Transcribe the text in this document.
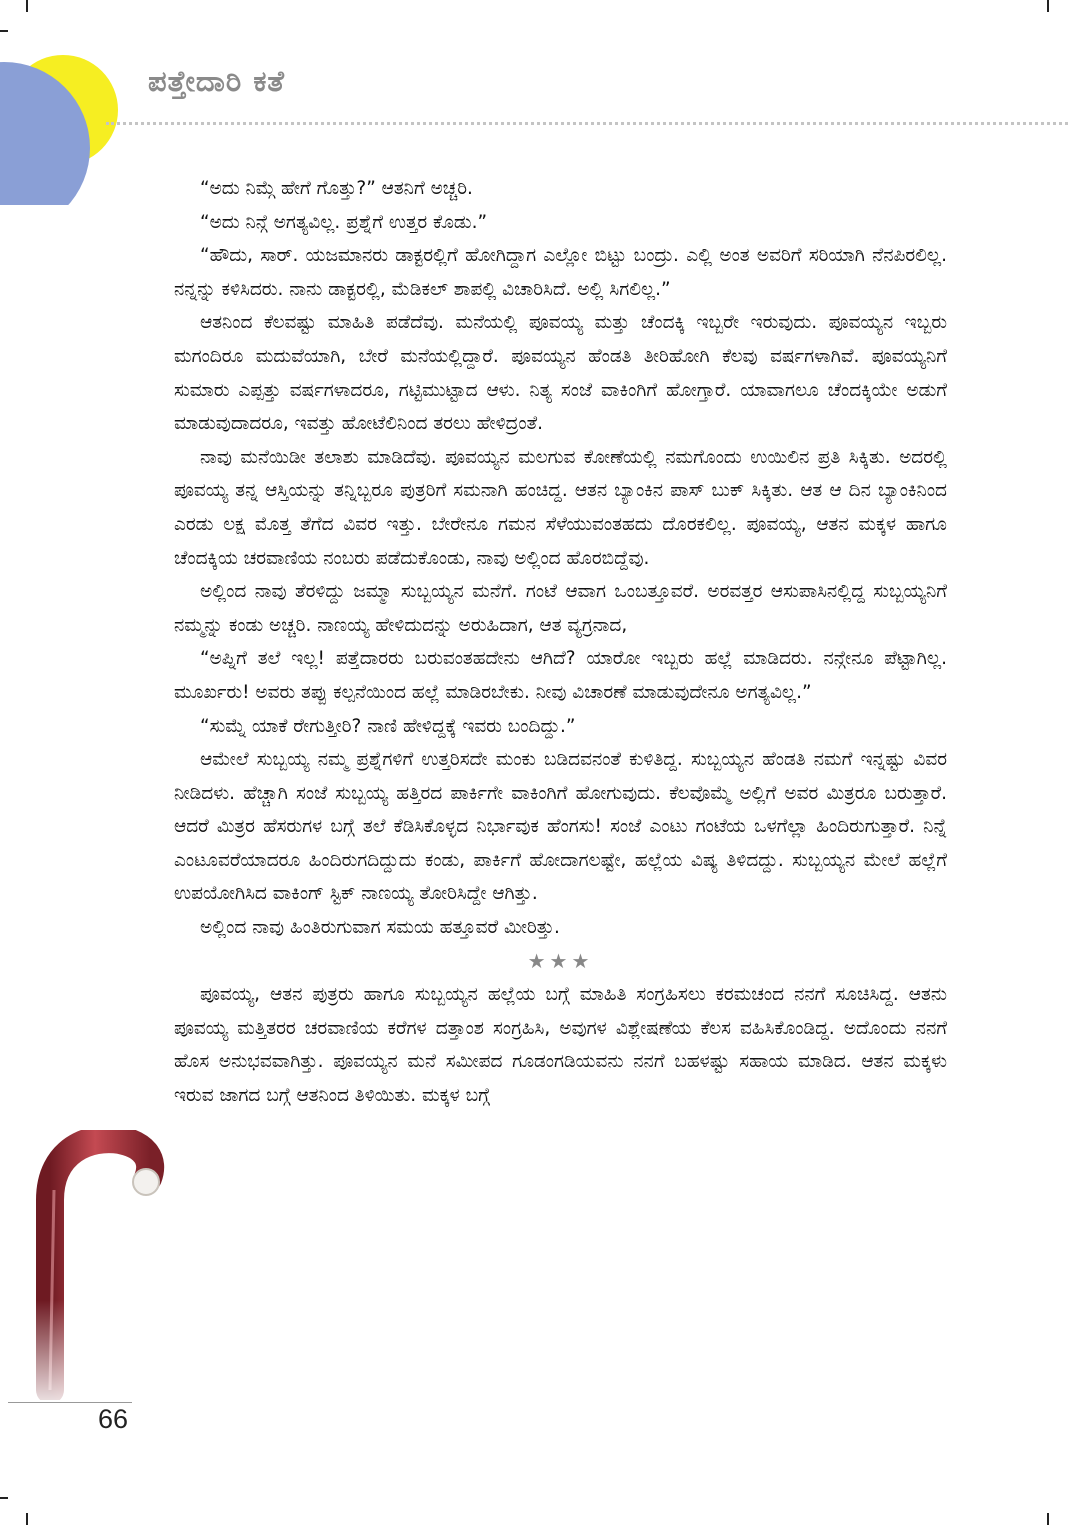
ಪತ್ತೇದಾರಿ ಕತೆ

“ಅದು ನಿಮ್ಗೆ ಹೇಗೆ ಗೊತ್ತು?” ಆತನಿಗೆ ಅಚ್ಚರಿ.

“ಅದು ನಿನ್ಗೆ ಅಗತ್ಯವಿಲ್ಲ. ಪ್ರಶ್ನೆಗೆ ಉತ್ತರ ಕೊಡು.”

“ಹೌದು, ಸಾರ್. ಯಜಮಾನರು ಡಾಕ್ಟರಲ್ಲಿಗೆ ಹೋಗಿದ್ದಾಗ ಎಲ್ಲೋ ಬಿಟ್ಟು ಬಂದ್ರು. ಎಲ್ಲಿ ಅಂತ ಅವರಿಗೆ ಸರಿಯಾಗಿ ನೆನಪಿರಲಿಲ್ಲ. ನನ್ನನ್ನು ಕಳಿಸಿದರು. ನಾನು ಡಾಕ್ಟರಲ್ಲಿ, ಮೆಡಿಕಲ್ ಶಾಪಲ್ಲಿ ವಿಚಾರಿಸಿದೆ. ಅಲ್ಲಿ ಸಿಗಲಿಲ್ಲ.”

ಆತನಿಂದ ಕೆಲವಷ್ಟು ಮಾಹಿತಿ ಪಡೆದೆವು. ಮನೆಯಲ್ಲಿ ಪೂವಯ್ಯ ಮತ್ತು ಚೆಂದಕ್ಕಿ ಇಬ್ಬರೇ ಇರುವುದು. ಪೂವಯ್ಯನ ಇಬ್ಬರು ಮಗಂದಿರೂ ಮದುವೆಯಾಗಿ, ಬೇರೆ ಮನೆಯಲ್ಲಿದ್ದಾರೆ. ಪೂವಯ್ಯನ ಹೆಂಡತಿ ತೀರಿಹೋಗಿ ಕೆಲವು ವರ್ಷಗಳಾಗಿವೆ. ಪೂವಯ್ಯನಿಗೆ ಸುಮಾರು ಎಪ್ಪತ್ತು ವರ್ಷಗಳಾದರೂ, ಗಟ್ಟಿಮುಟ್ಟಾದ ಆಳು. ನಿತ್ಯ ಸಂಜೆ ವಾಕಿಂಗಿಗೆ ಹೋಗ್ತಾರೆ. ಯಾವಾಗಲೂ ಚೆಂದಕ್ಕಿಯೇ ಅಡುಗೆ ಮಾಡುವುದಾದರೂ, ಇವತ್ತು ಹೋಟೆಲಿನಿಂದ ತರಲು ಹೇಳಿದ್ರಂತೆ.

ನಾವು ಮನೆಯಿಡೀ ತಲಾಶು ಮಾಡಿದೆವು. ಪೂವಯ್ಯನ ಮಲಗುವ ಕೋಣೆಯಲ್ಲಿ ನಮಗೊಂದು ಉಯಿಲಿನ ಪ್ರತಿ ಸಿಕ್ಕಿತು. ಅದರಲ್ಲಿ ಪೂವಯ್ಯ ತನ್ನ ಆಸ್ತಿಯನ್ನು ತನ್ನಿಬ್ಬರೂ ಪುತ್ರರಿಗೆ ಸಮನಾಗಿ ಹಂಚಿದ್ದ. ಆತನ ಬ್ಯಾಂಕಿನ ಪಾಸ್ ಬುಕ್ ಸಿಕ್ಕಿತು. ಆತ ಆ ದಿನ ಬ್ಯಾಂಕಿನಿಂದ ಎರಡು ಲಕ್ಷ ಮೊತ್ತ ತೆಗೆದ ವಿವರ ಇತ್ತು. ಬೇರೇನೂ ಗಮನ ಸೆಳೆಯುವಂತಹದು ದೊರಕಲಿಲ್ಲ. ಪೂವಯ್ಯ, ಆತನ ಮಕ್ಕಳ ಹಾಗೂ ಚೆಂದಕ್ಕಿಯ ಚರವಾಣಿಯ ನಂಬರು ಪಡೆದುಕೊಂಡು, ನಾವು ಅಲ್ಲಿಂದ ಹೊರಬಿದ್ದೆವು.

ಅಲ್ಲಿಂದ ನಾವು ತೆರಳಿದ್ದು ಜಮ್ಮಾ ಸುಬ್ಬಯ್ಯನ ಮನೆಗೆ. ಗಂಟೆ ಆವಾಗ ಒಂಬತ್ತೂವರೆ. ಅರವತ್ತರ ಆಸುಪಾಸಿನಲ್ಲಿದ್ದ ಸುಬ್ಬಯ್ಯನಿಗೆ ನಮ್ಮನ್ನು ಕಂಡು ಅಚ್ಚರಿ. ನಾಣಯ್ಯ ಹೇಳಿದುದನ್ನು ಅರುಹಿದಾಗ, ಆತ ವ್ಯಗ್ರನಾದ,

“ಅಪ್ನಿಗೆ ತಲೆ ಇಲ್ಲ! ಪತ್ತೆದಾರರು ಬರುವಂತಹದೇನು ಆಗಿದೆ? ಯಾರೋ ಇಬ್ಬರು ಹಲ್ಲೆ ಮಾಡಿದರು. ನನ್ಗೇನೂ ಪೆಟ್ಟಾಗಿಲ್ಲ. ಮೂರ್ಖರು! ಅವರು ತಪ್ಪು ಕಲ್ಪನೆಯಿಂದ ಹಲ್ಲೆ ಮಾಡಿರಬೇಕು. ನೀವು ವಿಚಾರಣೆ ಮಾಡುವುದೇನೂ ಅಗತ್ಯವಿಲ್ಲ.”

“ಸುಮ್ನೆ ಯಾಕೆ ರೇಗುತ್ತೀರಿ? ನಾಣಿ ಹೇಳಿದ್ದಕ್ಕೆ ಇವರು ಬಂದಿದ್ದು.”

ಆಮೇಲೆ ಸುಬ್ಬಯ್ಯ ನಮ್ಮ ಪ್ರಶ್ನೆಗಳಿಗೆ ಉತ್ತರಿಸದೇ ಮಂಕು ಬಡಿದವನಂತೆ ಕುಳಿತಿದ್ದ. ಸುಬ್ಬಯ್ಯನ ಹೆಂಡತಿ ನಮಗೆ ಇನ್ನಷ್ಟು ವಿವರ ನೀಡಿದಳು. ಹೆಚ್ಚಾಗಿ ಸಂಜೆ ಸುಬ್ಬಯ್ಯ ಹತ್ತಿರದ ಪಾರ್ಕಿಗೇ ವಾಕಿಂಗಿಗೆ ಹೋಗುವುದು. ಕೆಲವೊಮ್ಮೆ ಅಲ್ಲಿಗೆ ಅವರ ಮಿತ್ರರೂ ಬರುತ್ತಾರೆ. ಆದರೆ ಮಿತ್ರರ ಹೆಸರುಗಳ ಬಗ್ಗೆ ತಲೆ ಕೆಡಿಸಿಕೊಳ್ಳದ ನಿರ್ಭಾವುಕ ಹೆಂಗಸು! ಸಂಜೆ ಎಂಟು ಗಂಟೆಯ ಒಳಗೆಲ್ಲಾ ಹಿಂದಿರುಗುತ್ತಾರೆ. ನಿನ್ನೆ ಎಂಟೂವರೆಯಾದರೂ ಹಿಂದಿರುಗದಿದ್ದುದು ಕಂಡು, ಪಾರ್ಕಿಗೆ ಹೋದಾಗಲಷ್ಟೇ, ಹಲ್ಲೆಯ ವಿಷ್ಯ ತಿಳಿದದ್ದು. ಸುಬ್ಬಯ್ಯನ ಮೇಲೆ ಹಲ್ಲೆಗೆ ಉಪಯೋಗಿಸಿದ ವಾಕಿಂಗ್ ಸ್ಟಿಕ್ ನಾಣಯ್ಯ ತೋರಿಸಿದ್ದೇ ಆಗಿತ್ತು.

ಅಲ್ಲಿಂದ ನಾವು ಹಿಂತಿರುಗುವಾಗ ಸಮಯ ಹತ್ತೂವರೆ ಮೀರಿತ್ತು.

★★★

ಪೂವಯ್ಯ, ಆತನ ಪುತ್ರರು ಹಾಗೂ ಸುಬ್ಬಯ್ಯನ ಹಲ್ಲೆಯ ಬಗ್ಗೆ ಮಾಹಿತಿ ಸಂಗ್ರಹಿಸಲು ಕರಮಚಂದ ನನಗೆ ಸೂಚಿಸಿದ್ದ. ಆತನು ಪೂವಯ್ಯ ಮತ್ತಿತರರ ಚರವಾಣಿಯ ಕರೆಗಳ ದತ್ತಾಂಶ ಸಂಗ್ರಹಿಸಿ, ಅವುಗಳ ವಿಶ್ಲೇಷಣೆಯ ಕೆಲಸ ವಹಿಸಿಕೊಂಡಿದ್ದ. ಅದೊಂದು ನನಗೆ ಹೊಸ ಅನುಭವವಾಗಿತ್ತು. ಪೂವಯ್ಯನ ಮನೆ ಸಮೀಪದ ಗೂಡಂಗಡಿಯವನು ನನಗೆ ಬಹಳಷ್ಟು ಸಹಾಯ ಮಾಡಿದ. ಆತನ ಮಕ್ಕಳು ಇರುವ ಜಾಗದ ಬಗ್ಗೆ ಆತನಿಂದ ತಿಳಿಯಿತು. ಮಕ್ಕಳ ಬಗ್ಗೆ

66
